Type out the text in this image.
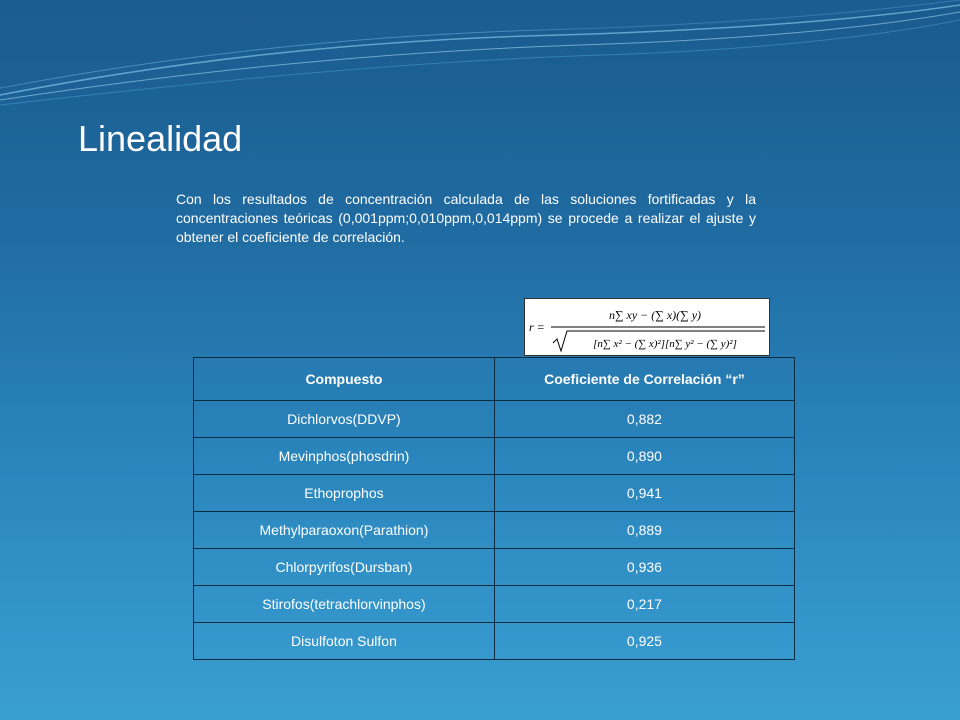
Linealidad
Con los resultados de concentración calculada de las soluciones fortificadas y la concentraciones teóricas (0,001ppm;0,010ppm,0,014ppm) se procede a realizar el ajuste y obtener el coeficiente de correlación.
r =
n∑ xy − (∑ x)(∑ y)
[n∑ x² − (∑ x)²][n∑ y² − (∑ y)²]
Compuesto	Coeficiente de Correlación “r”
Dichlorvos(DDVP)	0,882
Mevinphos(phosdrin)	0,890
Ethoprophos	0,941
Methylparaoxon(Parathion)	0,889
Chlorpyrifos(Dursban)	0,936
Stirofos(tetrachlorvinphos)	0,217
Disulfoton Sulfon	0,925
